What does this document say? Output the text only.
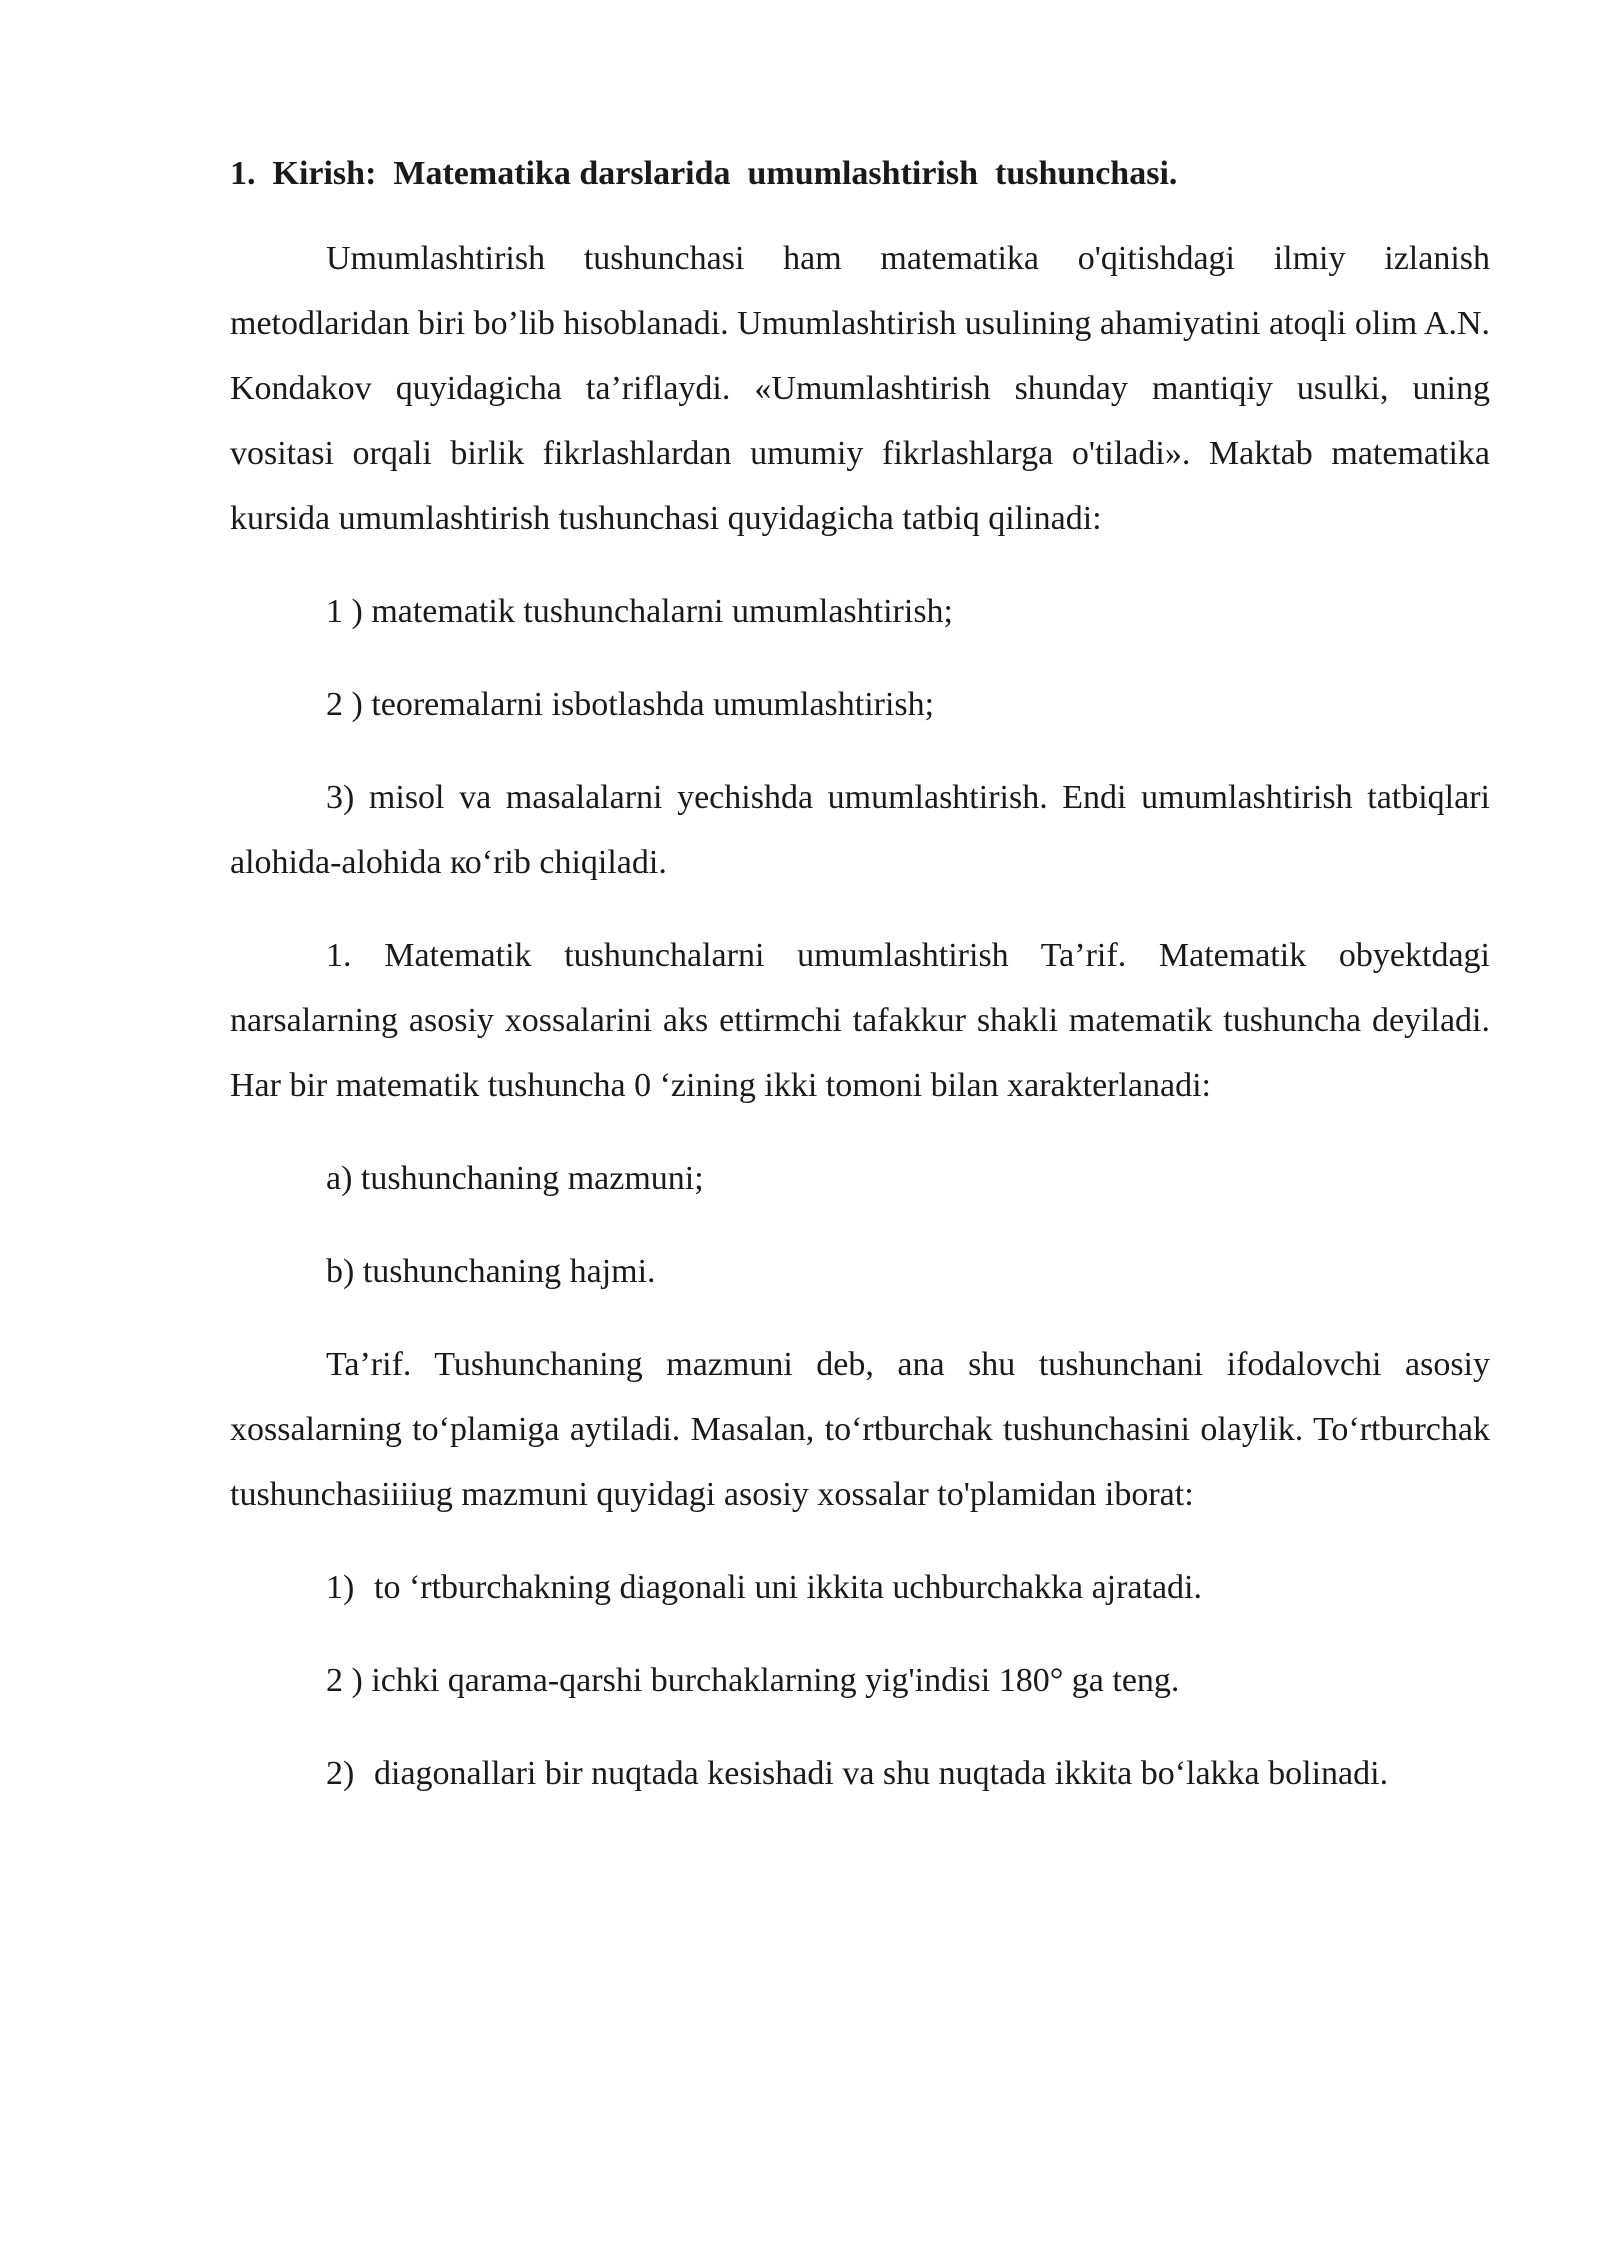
1.  Kirish:  Matematika darslarida  umumlashtirish  tushunchasi.

Umumlashtirish tushunchasi ham matematika o'qitishdagi ilmiy izlanish metodlaridan biri bo’lib hisoblanadi. Umumlashtirish usulining ahamiyatini atoqli olim A.N. Kondakov quyidagicha ta’riflaydi. «Umumlashtirish shunday mantiqiy usulki, uning vositasi orqali birlik fikrlashlardan umumiy fikrlashlarga o'tiladi». Maktab matematika kursida umumlashtirish tushunchasi quyidagicha tatbiq qilinadi:

1 ) matematik tushunchalarni umumlashtirish;
2 ) teoremalarni isbotlashda umumlashtirish;

3) misol va masalalarni yechishda umumlashtirish. Endi umumlashtirish tatbiqlari alohida-alohida ко‘rib chiqiladi.

1. Matematik tushunchalarni umumlashtirish Ta’rif. Matematik obyektdagi narsalarning asosiy xossalarini aks ettirmchi tafakkur shakli matematik tushuncha deyiladi. Har bir matematik tushuncha 0 ‘zining ikki tomoni bilan xarakterlanadi:

a) tushunchaning mazmuni;
b) tushunchaning hajmi.

Ta’rif. Tushunchaning mazmuni deb, ana shu tushunchani ifodalovchi asosiy xossalarning to‘plamiga aytiladi. Masalan, to‘rtburchak tushunchasini olaylik. To‘rtburchak tushunchasiiiiug mazmuni quyidagi asosiy xossalar to'plamidan iborat:

1) to ‘rtburchakning diagonali uni ikkita uchburchakka ajratadi.
2 ) ichki qarama-qarshi burchaklarning yig'indisi 180° ga teng.
2) diagonallari bir nuqtada kesishadi va shu nuqtada ikkita bo‘lakka bolinadi.
